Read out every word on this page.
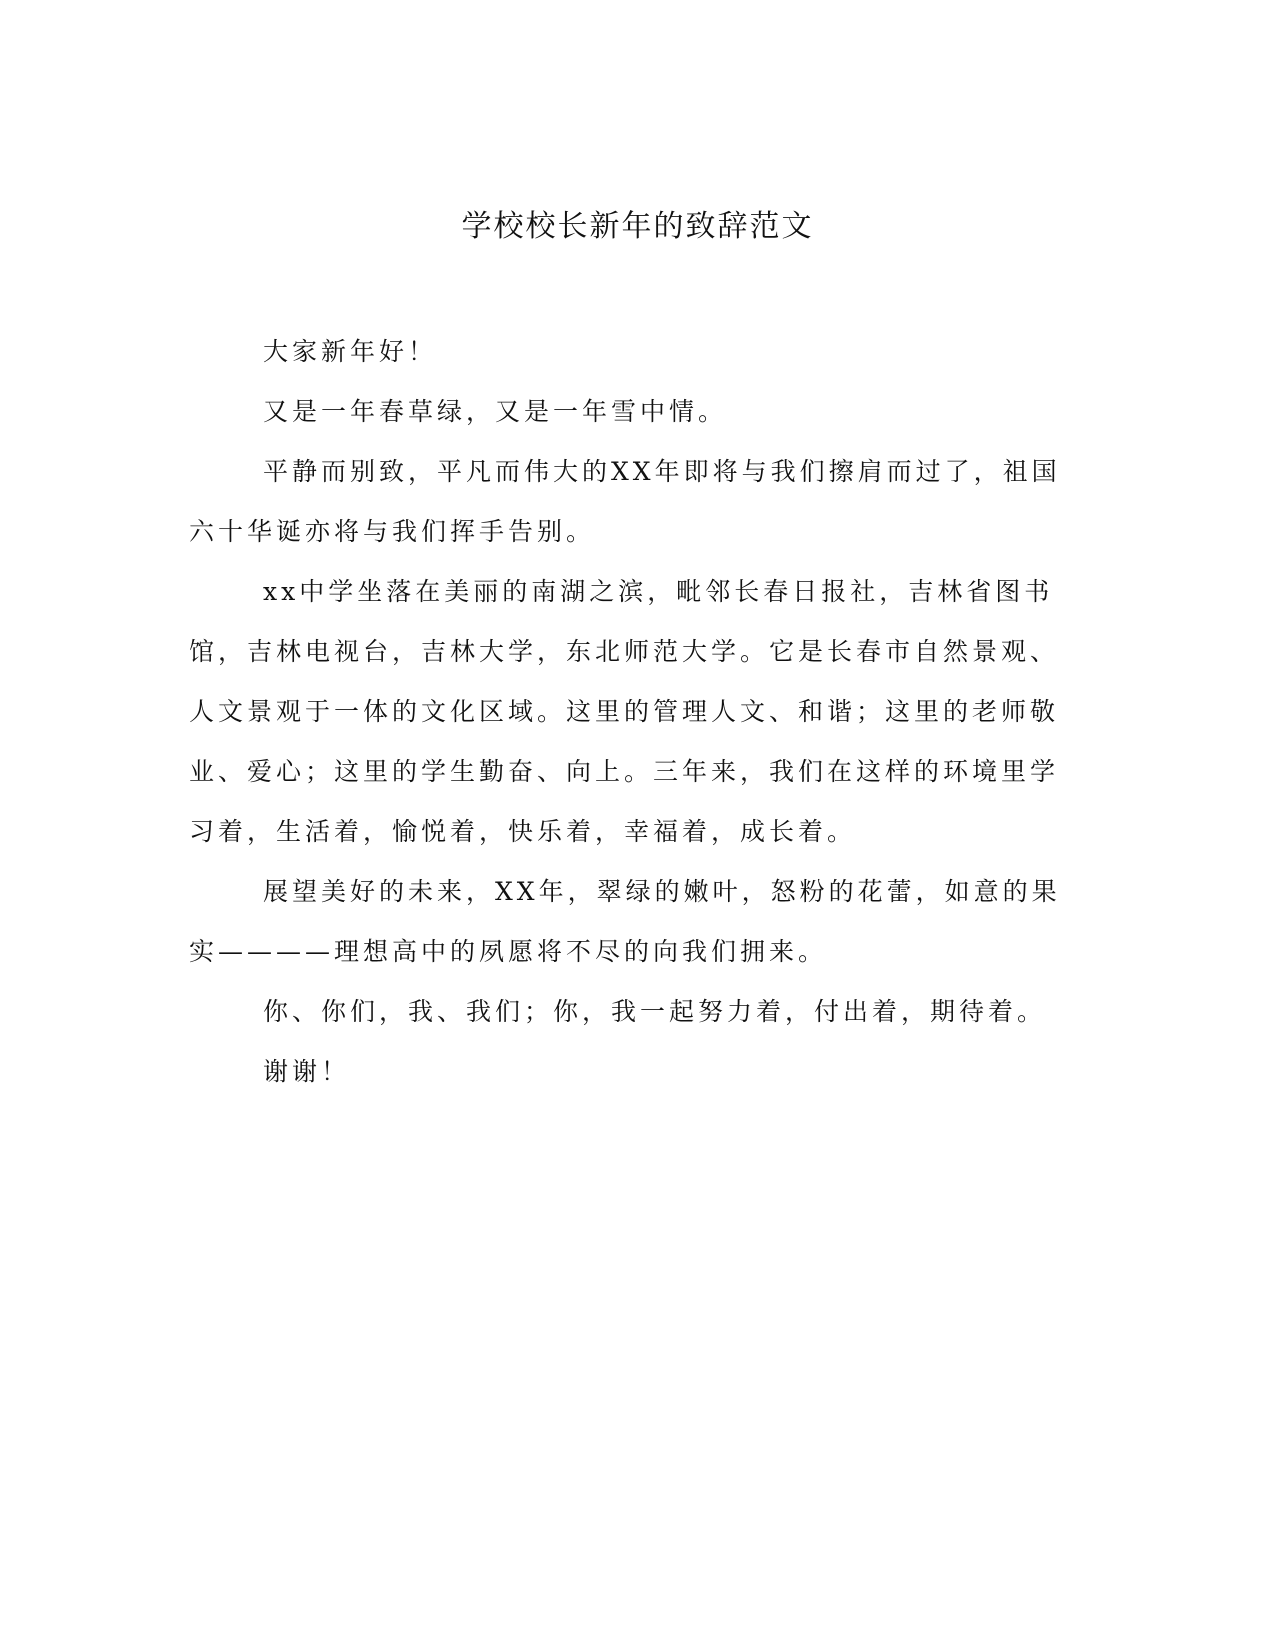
学校校长新年的致辞范文

大家新年好！

又是一年春草绿，又是一年雪中情。

平静而别致，平凡而伟大的XX年即将与我们擦肩而过了，祖国六十华诞亦将与我们挥手告别。

xx中学坐落在美丽的南湖之滨，毗邻长春日报社，吉林省图书馆，吉林电视台，吉林大学，东北师范大学。它是长春市自然景观、人文景观于一体的文化区域。这里的管理人文、和谐；这里的老师敬业、爱心；这里的学生勤奋、向上。三年来，我们在这样的环境里学习着，生活着，愉悦着，快乐着，幸福着，成长着。

展望美好的未来，XX年，翠绿的嫩叶，怒粉的花蕾，如意的果实————理想高中的夙愿将不尽的向我们拥来。

你、你们，我、我们；你，我一起努力着，付出着，期待着。

谢谢！
